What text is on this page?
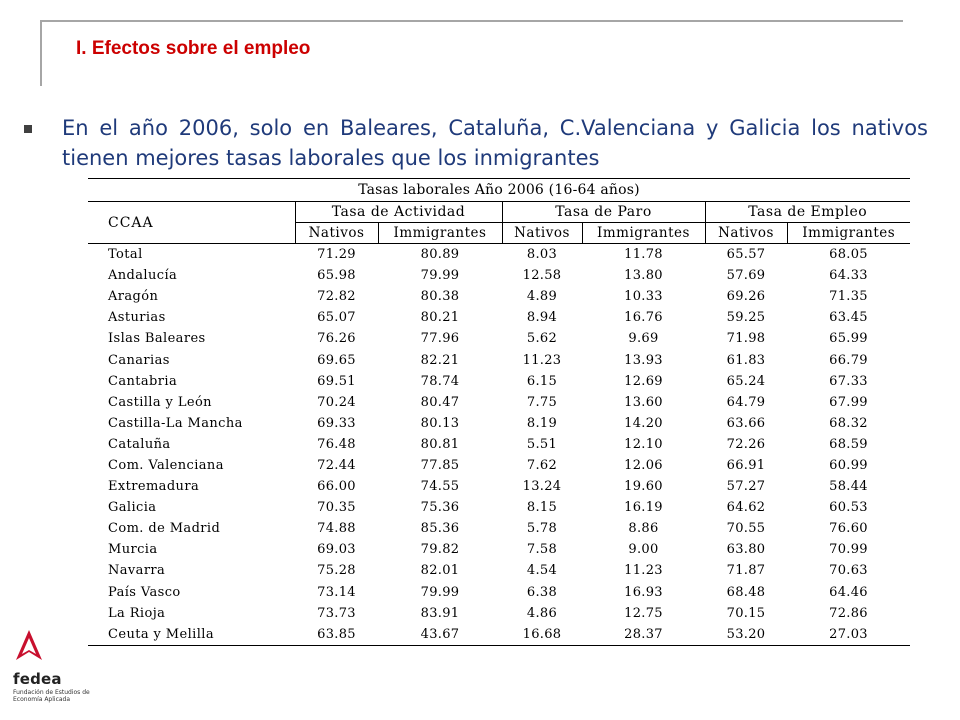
I. Efectos sobre el empleo
En el año 2006, solo en Baleares, Cataluña, C.Valenciana y Galicia los nativos tienen mejores tasas laborales que los inmigrantes
Tasas laborales Año 2006 (16-64 años)						
CCAA	Tasa de Actividad		Tasa de Paro		Tasa de Empleo	
	Nativos	Immigrantes	Nativos	Immigrantes	Nativos	Immigrantes
Total	71.29	80.89	8.03	11.78	65.57	68.05
Andalucía	65.98	79.99	12.58	13.80	57.69	64.33
Aragón	72.82	80.38	4.89	10.33	69.26	71.35
Asturias	65.07	80.21	8.94	16.76	59.25	63.45
Islas Baleares	76.26	77.96	5.62	9.69	71.98	65.99
Canarias	69.65	82.21	11.23	13.93	61.83	66.79
Cantabria	69.51	78.74	6.15	12.69	65.24	67.33
Castilla y León	70.24	80.47	7.75	13.60	64.79	67.99
Castilla-La Mancha	69.33	80.13	8.19	14.20	63.66	68.32
Cataluña	76.48	80.81	5.51	12.10	72.26	68.59
Com. Valenciana	72.44	77.85	7.62	12.06	66.91	60.99
Extremadura	66.00	74.55	13.24	19.60	57.27	58.44
Galicia	70.35	75.36	8.15	16.19	64.62	60.53
Com. de Madrid	74.88	85.36	5.78	8.86	70.55	76.60
Murcia	69.03	79.82	7.58	9.00	63.80	70.99
Navarra	75.28	82.01	4.54	11.23	71.87	70.63
País Vasco	73.14	79.99	6.38	16.93	68.48	64.46
La Rioja	73.73	83.91	4.86	12.75	70.15	72.86
Ceuta y Melilla	63.85	43.67	16.68	28.37	53.20	27.03
fedea
Fundación de Estudios de Economía Aplicada
